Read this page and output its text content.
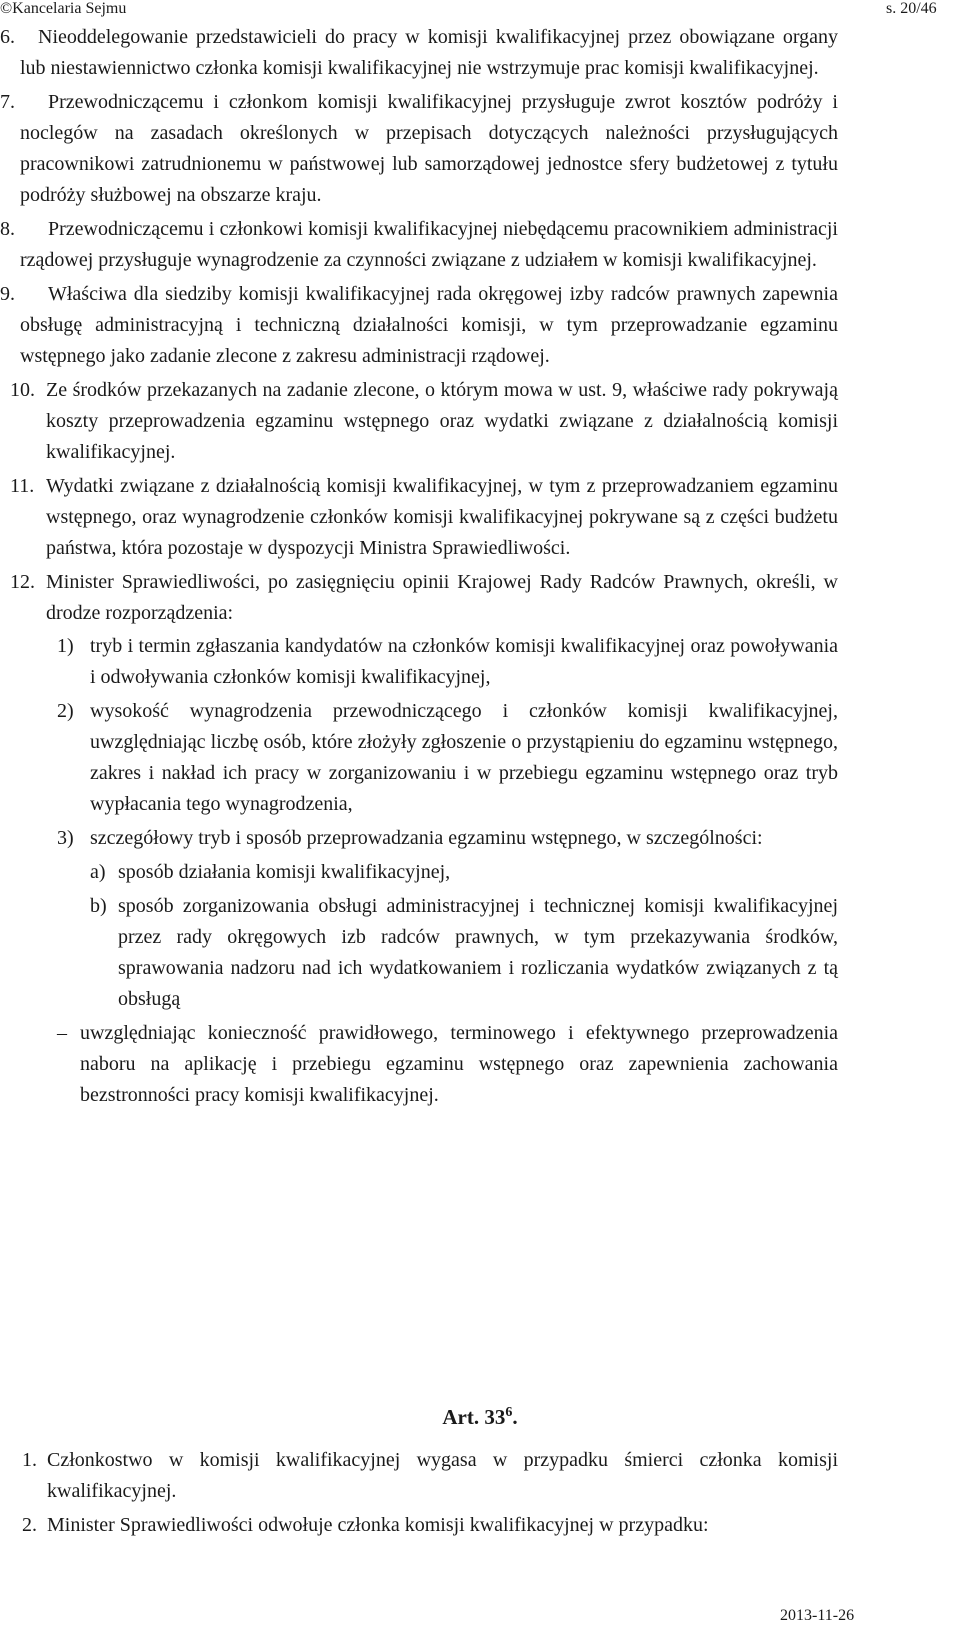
©Kancelaria Sejmu	s. 20/46
6. Nieoddelegowanie przedstawicieli do pracy w komisji kwalifikacyjnej przez obowiązane organy lub niestawiennictwo członka komisji kwalifikacyjnej nie wstrzymuje prac komisji kwalifikacyjnej.
7. Przewodniczącemu i członkom komisji kwalifikacyjnej przysługuje zwrot kosztów podróży i noclegów na zasadach określonych w przepisach dotyczących należności przysługujących pracownikowi zatrudnionemu w państwowej lub samorządowej jednostce sfery budżetowej z tytułu podróży służbowej na obszarze kraju.
8. Przewodniczącemu i członkowi komisji kwalifikacyjnej niebędącemu pracownikiem administracji rządowej przysługuje wynagrodzenie za czynności związane z udziałem w komisji kwalifikacyjnej.
9. Właściwa dla siedziby komisji kwalifikacyjnej rada okręgowej izby radców prawnych zapewnia obsługę administracyjną i techniczną działalności komisji, w tym przeprowadzanie egzaminu wstępnego jako zadanie zlecone z zakresu administracji rządowej.
10. Ze środków przekazanych na zadanie zlecone, o którym mowa w ust. 9, właściwe rady pokrywają koszty przeprowadzenia egzaminu wstępnego oraz wydatki związane z działalnością komisji kwalifikacyjnej.
11. Wydatki związane z działalnością komisji kwalifikacyjnej, w tym z przeprowadzaniem egzaminu wstępnego, oraz wynagrodzenie członków komisji kwalifikacyjnej pokrywane są z części budżetu państwa, która pozostaje w dyspozycji Ministra Sprawiedliwości.
12. Minister Sprawiedliwości, po zasięgnięciu opinii Krajowej Rady Radców Prawnych, określi, w drodze rozporządzenia:
1) tryb i termin zgłaszania kandydatów na członków komisji kwalifikacyjnej oraz powoływania i odwoływania członków komisji kwalifikacyjnej,
2) wysokość wynagrodzenia przewodniczącego i członków komisji kwalifikacyjnej, uwzględniając liczbę osób, które złożyły zgłoszenie o przystąpieniu do egzaminu wstępnego, zakres i nakład ich pracy w zorganizowaniu i w przebiegu egzaminu wstępnego oraz tryb wypłacania tego wynagrodzenia,
3) szczegółowy tryb i sposób przeprowadzania egzaminu wstępnego, w szczególności:
a) sposób działania komisji kwalifikacyjnej,
b) sposób zorganizowania obsługi administracyjnej i technicznej komisji kwalifikacyjnej przez rady okręgowych izb radców prawnych, w tym przekazywania środków, sprawowania nadzoru nad ich wydatkowaniem i rozliczania wydatków związanych z tą obsługą
– uwzględniając konieczność prawidłowego, terminowego i efektywnego przeprowadzenia naboru na aplikację i przebiegu egzaminu wstępnego oraz zapewnienia zachowania bezstronności pracy komisji kwalifikacyjnej.
Art. $33^6$.
1. Członkostwo w komisji kwalifikacyjnej wygasa w przypadku śmierci członka komisji kwalifikacyjnej.
2. Minister Sprawiedliwości odwołuje członka komisji kwalifikacyjnej w przypadku:
2013-11-26
